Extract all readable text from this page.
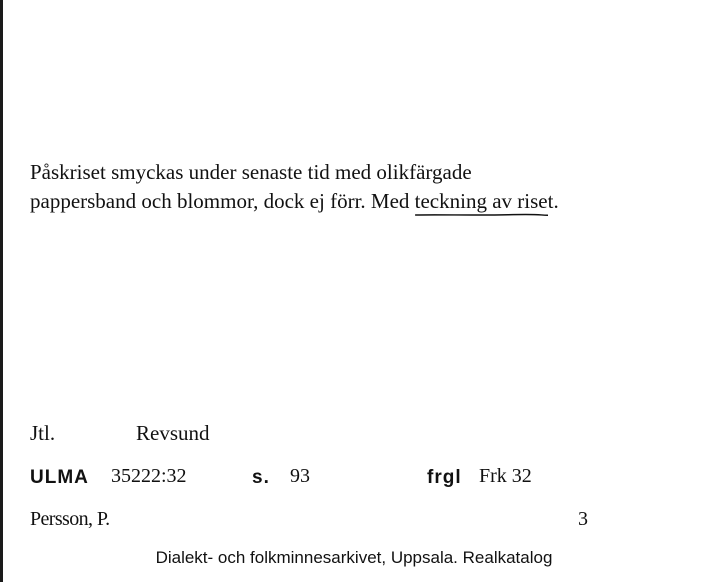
Påskriset smyckas under senaste tid med olikfärgade
pappersband och blommor, dock ej förr. Med teckning av riset.
Jtl.	Revsund
ULMA 35222:32	s. 93	frgl Frk 32
Persson, P.	3
Dialekt- och folkminnesarkivet, Uppsala. Realkatalog
